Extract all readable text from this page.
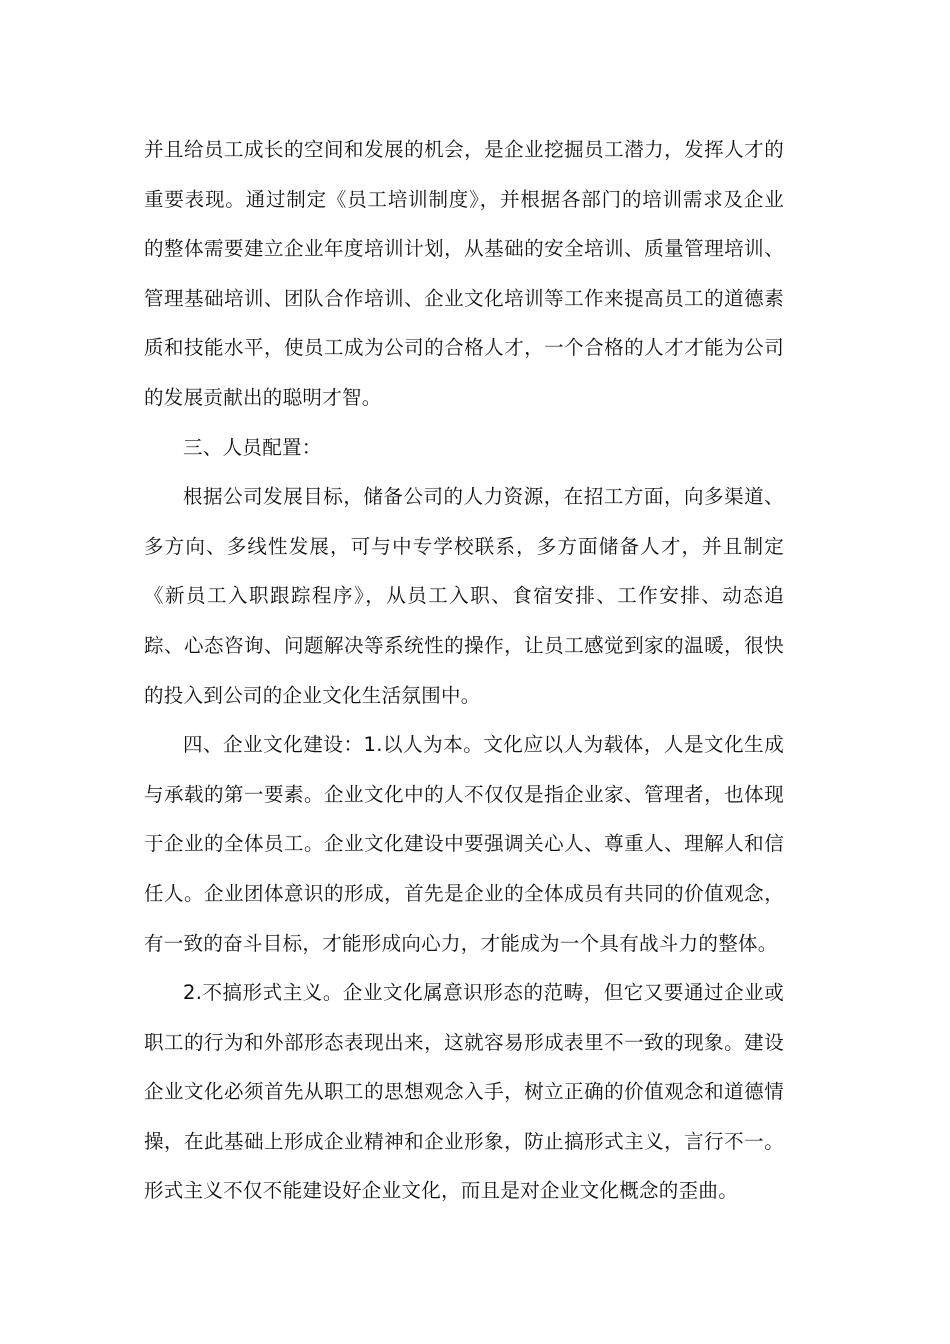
并且给员工成长的空间和发展的机会，是企业挖掘员工潜力，发挥人才的重要表现。通过制定《员工培训制度》，并根据各部门的培训需求及企业的整体需要建立企业年度培训计划，从基础的安全培训、质量管理培训、管理基础培训、团队合作培训、企业文化培训等工作来提高员工的道德素质和技能水平，使员工成为公司的合格人才，一个合格的人才才能为公司的发展贡献出的聪明才智。

三、人员配置：

根据公司发展目标，储备公司的人力资源，在招工方面，向多渠道、多方向、多线性发展，可与中专学校联系，多方面储备人才，并且制定《新员工入职跟踪程序》，从员工入职、食宿安排、工作安排、动态追踪、心态咨询、问题解决等系统性的操作，让员工感觉到家的温暖，很快的投入到公司的企业文化生活氛围中。

四、企业文化建设：1.以人为本。文化应以人为载体，人是文化生成与承载的第一要素。企业文化中的人不仅仅是指企业家、管理者，也体现于企业的全体员工。企业文化建设中要强调关心人、尊重人、理解人和信任人。企业团体意识的形成，首先是企业的全体成员有共同的价值观念，有一致的奋斗目标，才能形成向心力，才能成为一个具有战斗力的整体。

2.不搞形式主义。企业文化属意识形态的范畴，但它又要通过企业或职工的行为和外部形态表现出来，这就容易形成表里不一致的现象。建设企业文化必须首先从职工的思想观念入手，树立正确的价值观念和道德情操，在此基础上形成企业精神和企业形象，防止搞形式主义，言行不一。形式主义不仅不能建设好企业文化，而且是对企业文化概念的歪曲。
